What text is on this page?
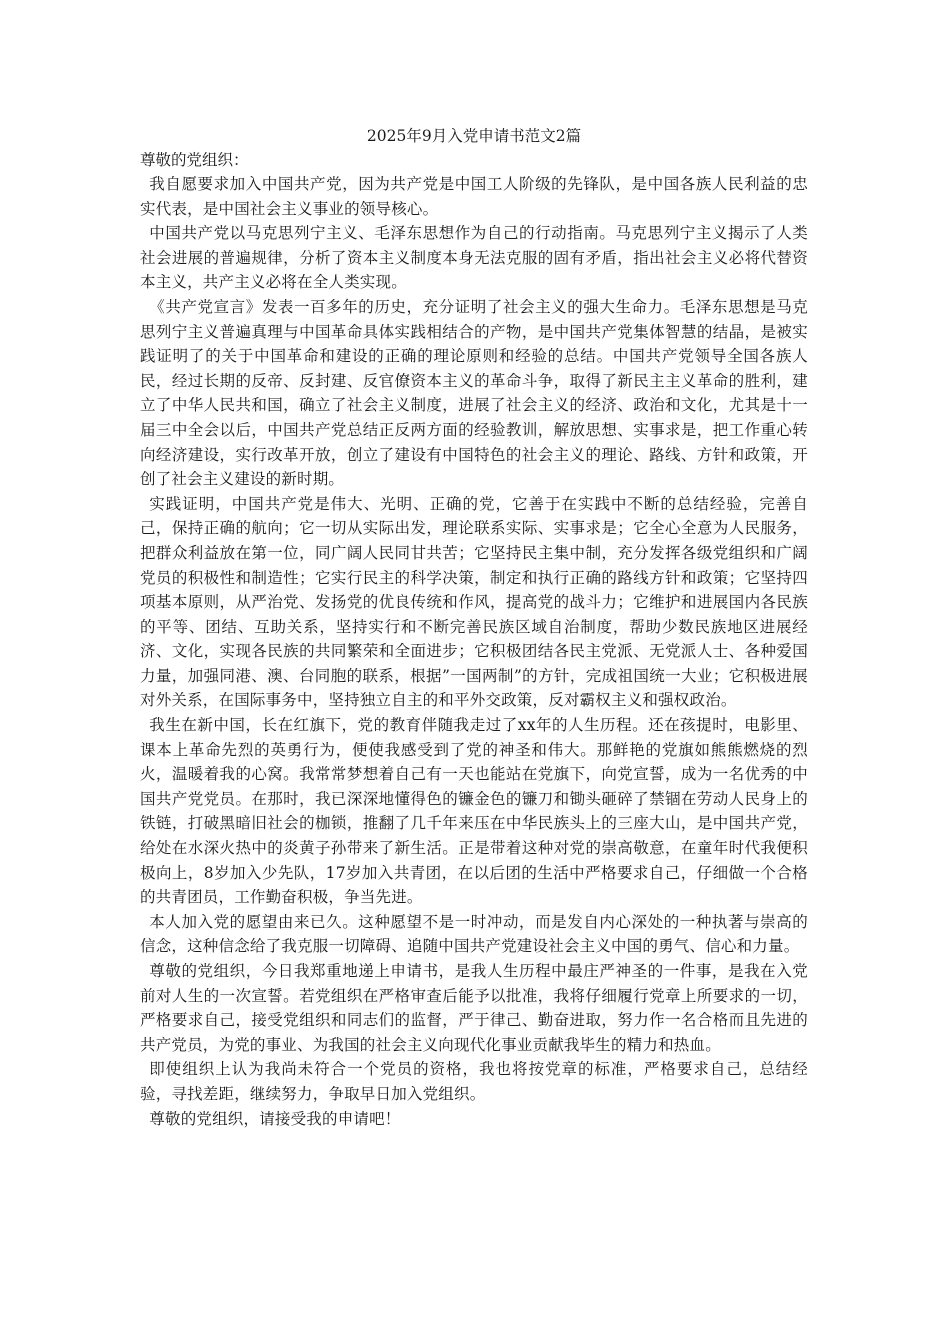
2025年9月入党申请书范文2篇

尊敬的党组织：

我自愿要求加入中国共产党，因为共产党是中国工人阶级的先锋队，是中国各族人民利益的忠实代表，是中国社会主义事业的领导核心。

中国共产党以马克思列宁主义、毛泽东思想作为自己的行动指南。马克思列宁主义揭示了人类社会进展的普遍规律，分析了资本主义制度本身无法克服的固有矛盾，指出社会主义必将代替资本主义，共产主义必将在全人类实现。

《共产党宣言》发表一百多年的历史，充分证明了社会主义的强大生命力。毛泽东思想是马克思列宁主义普遍真理与中国革命具体实践相结合的产物，是中国共产党集体智慧的结晶，是被实践证明了的关于中国革命和建设的正确的理论原则和经验的总结。中国共产党领导全国各族人民，经过长期的反帝、反封建、反官僚资本主义的革命斗争，取得了新民主主义革命的胜利，建立了中华人民共和国，确立了社会主义制度，进展了社会主义的经济、政治和文化，尤其是十一届三中全会以后，中国共产党总结正反两方面的经验教训，解放思想、实事求是，把工作重心转向经济建设，实行改革开放，创立了建设有中国特色的社会主义的理论、路线、方针和政策，开创了社会主义建设的新时期。

实践证明，中国共产党是伟大、光明、正确的党，它善于在实践中不断的总结经验，完善自己，保持正确的航向；它一切从实际出发，理论联系实际、实事求是；它全心全意为人民服务，把群众利益放在第一位，同广阔人民同甘共苦；它坚持民主集中制，充分发挥各级党组织和广阔党员的积极性和制造性；它实行民主的科学决策，制定和执行正确的路线方针和政策；它坚持四项基本原则，从严治党、发扬党的优良传统和作风，提高党的战斗力；它维护和进展国内各民族的平等、团结、互助关系，坚持实行和不断完善民族区域自治制度，帮助少数民族地区进展经济、文化，实现各民族的共同繁荣和全面进步；它积极团结各民主党派、无党派人士、各种爱国力量，加强同港、澳、台同胞的联系，根据”一国两制”的方针，完成祖国统一大业；它积极进展对外关系，在国际事务中，坚持独立自主的和平外交政策，反对霸权主义和强权政治。

我生在新中国，长在红旗下，党的教育伴随我走过了xx年的人生历程。还在孩提时，电影里、课本上革命先烈的英勇行为，便使我感受到了党的神圣和伟大。那鲜艳的党旗如熊熊燃烧的烈火，温暖着我的心窝。我常常梦想着自己有一天也能站在党旗下，向党宣誓，成为一名优秀的中国共产党党员。在那时，我已深深地懂得色的镰金色的镰刀和锄头砸碎了禁锢在劳动人民身上的铁链，打破黑暗旧社会的枷锁，推翻了几千年来压在中华民族头上的三座大山，是中国共产党，给处在水深火热中的炎黄子孙带来了新生活。正是带着这种对党的崇高敬意，在童年时代我便积极向上，8岁加入少先队，17岁加入共青团，在以后团的生活中严格要求自己，仔细做一个合格的共青团员，工作勤奋积极，争当先进。

本人加入党的愿望由来已久。这种愿望不是一时冲动，而是发自内心深处的一种执著与崇高的信念，这种信念给了我克服一切障碍、追随中国共产党建设社会主义中国的勇气、信心和力量。

尊敬的党组织，今日我郑重地递上申请书，是我人生历程中最庄严神圣的一件事，是我在入党前对人生的一次宣誓。若党组织在严格审查后能予以批准，我将仔细履行党章上所要求的一切，严格要求自己，接受党组织和同志们的监督，严于律己、勤奋进取，努力作一名合格而且先进的共产党员，为党的事业、为我国的社会主义向现代化事业贡献我毕生的精力和热血。

即使组织上认为我尚未符合一个党员的资格，我也将按党章的标准，严格要求自己，总结经验，寻找差距，继续努力，争取早日加入党组织。

尊敬的党组织，请接受我的申请吧！
